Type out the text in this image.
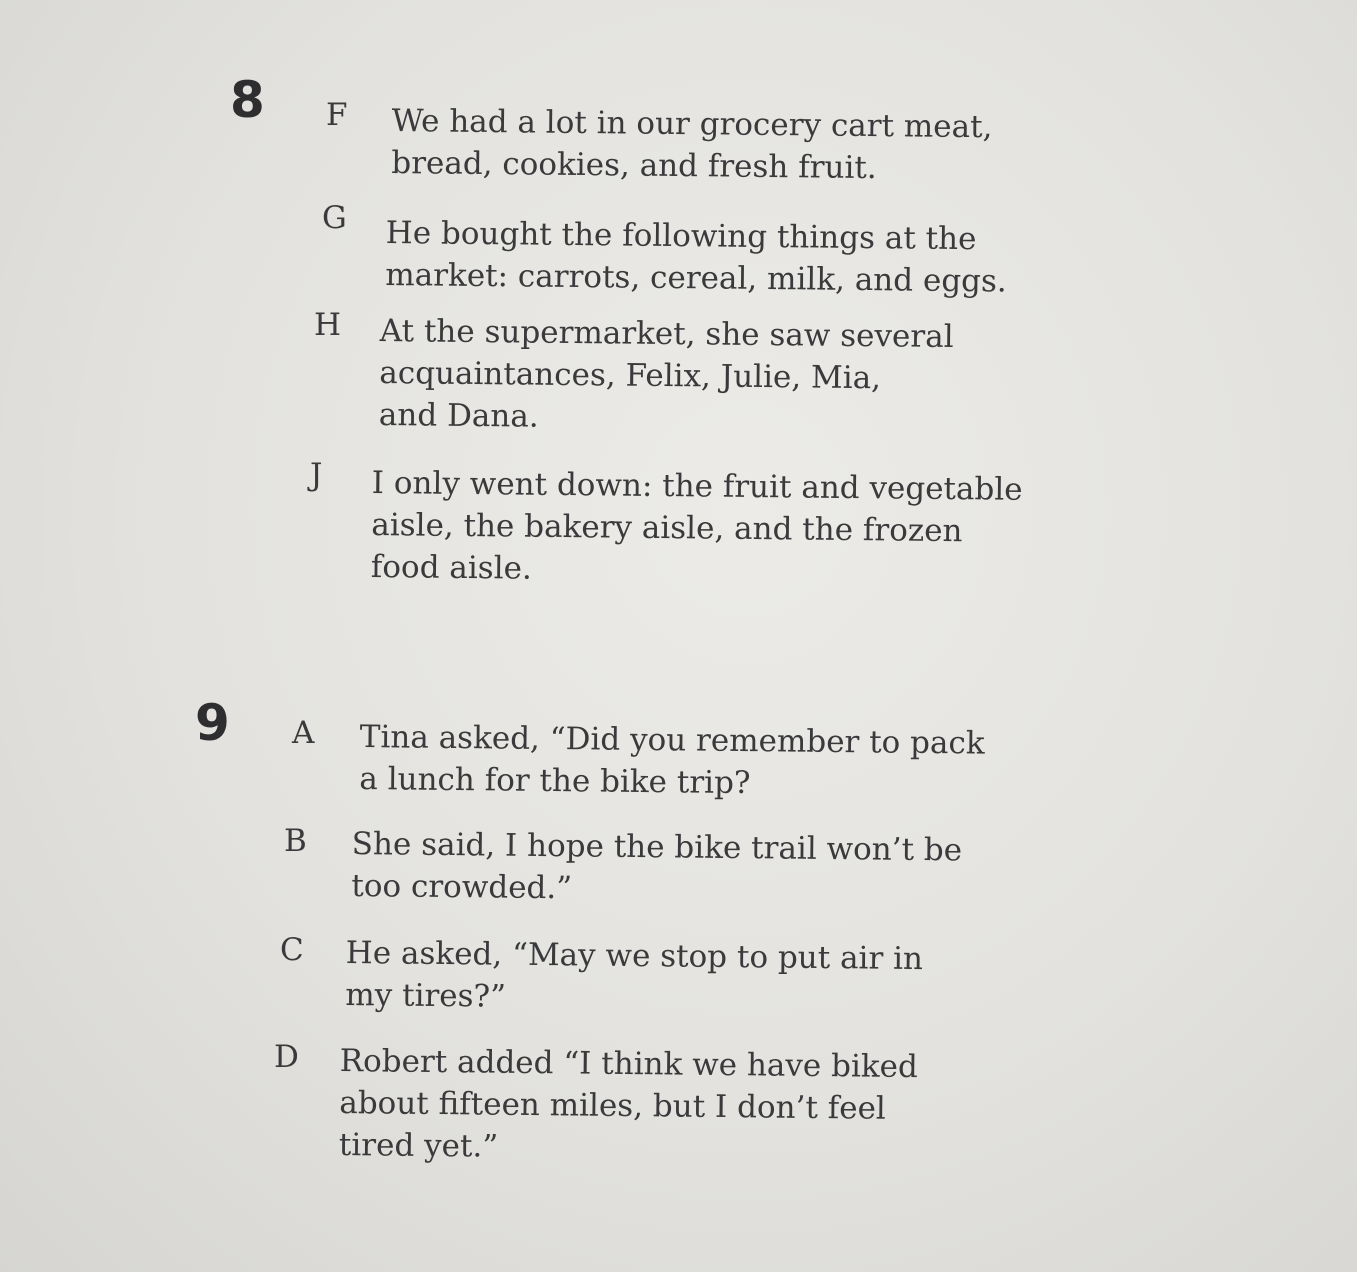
8 F We had a lot in our grocery cart meat,
bread, cookies, and fresh fruit.
G He bought the following things at the
market: carrots, cereal, milk, and eggs.
H At the supermarket, she saw several
acquaintances, Felix, Julie, Mia,
and Dana.
J I only went down: the fruit and vegetable
aisle, the bakery aisle, and the frozen
food aisle.
9 A Tina asked, “Did you remember to pack
a lunch for the bike trip?
B She said, I hope the bike trail won’t be
too crowded.”
C He asked, “May we stop to put air in
my tires?”
D Robert added “I think we have biked
about fifteen miles, but I don’t feel
tired yet.”
